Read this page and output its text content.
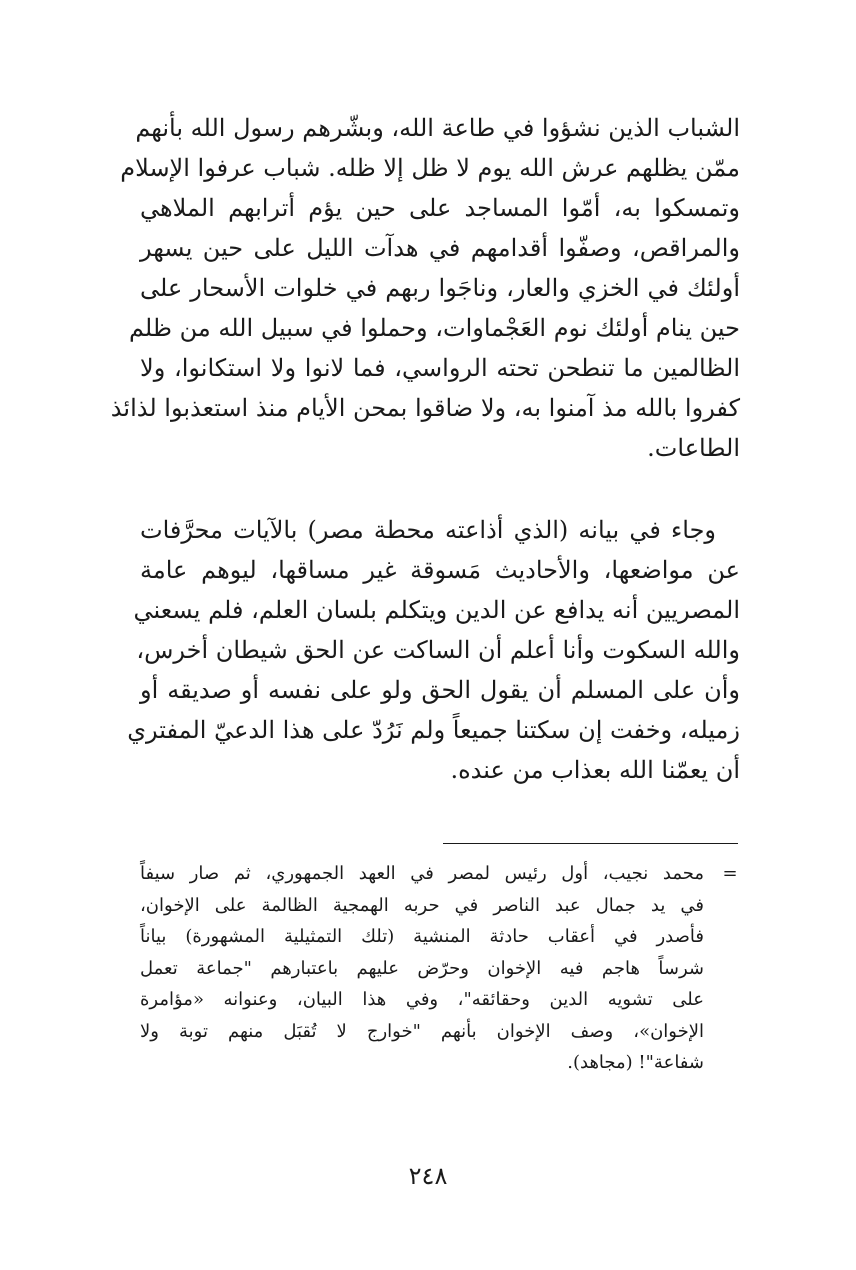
الشباب الذين نشؤوا في طاعة الله، وبشّرهم رسول الله بأنهم
ممّن يظلهم عرش الله يوم لا ظل إلا ظله. شباب عرفوا الإسلام
وتمسكوا به، أمّوا المساجد على حين يؤم أترابهم الملاهي
والمراقص، وصفّوا أقدامهم في هدآت الليل على حين يسهر
أولئك في الخزي والعار، وناجَوا ربهم في خلوات الأسحار على
حين ينام أولئك نوم العَجْماوات، وحملوا في سبيل الله من ظلم
الظالمين ما تنطحن تحته الرواسي، فما لانوا ولا استكانوا، ولا
كفروا بالله مذ آمنوا به، ولا ضاقوا بمحن الأيام منذ استعذبوا لذائذ
الطاعات.
وجاء في بيانه (الذي أذاعته محطة مصر) بالآيات محرَّفات
عن مواضعها، والأحاديث مَسوقة غير مساقها، ليوهم عامة
المصريين أنه يدافع عن الدين ويتكلم بلسان العلم، فلم يسعني
والله السكوت وأنا أعلم أن الساكت عن الحق شيطان أخرس،
وأن على المسلم أن يقول الحق ولو على نفسه أو صديقه أو
زميله، وخفت إن سكتنا جميعاً ولم نَرُدّ على هذا الدعيّ المفتري
أن يعمّنا الله بعذاب من عنده.
=
محمد نجيب، أول رئيس لمصر في العهد الجمهوري، ثم صار سيفاً
في يد جمال عبد الناصر في حربه الهمجية الظالمة على الإخوان،
فأصدر في أعقاب حادثة المنشية (تلك التمثيلية المشهورة) بياناً
شرساً هاجم فيه الإخوان وحرّض عليهم باعتبارهم "جماعة تعمل
على تشويه الدين وحقائقه"، وفي هذا البيان، وعنوانه «مؤامرة
الإخوان»، وصف الإخوان بأنهم "خوارج لا تُقبَل منهم توبة ولا
شفاعة"! (مجاهد).
٢٤٨
